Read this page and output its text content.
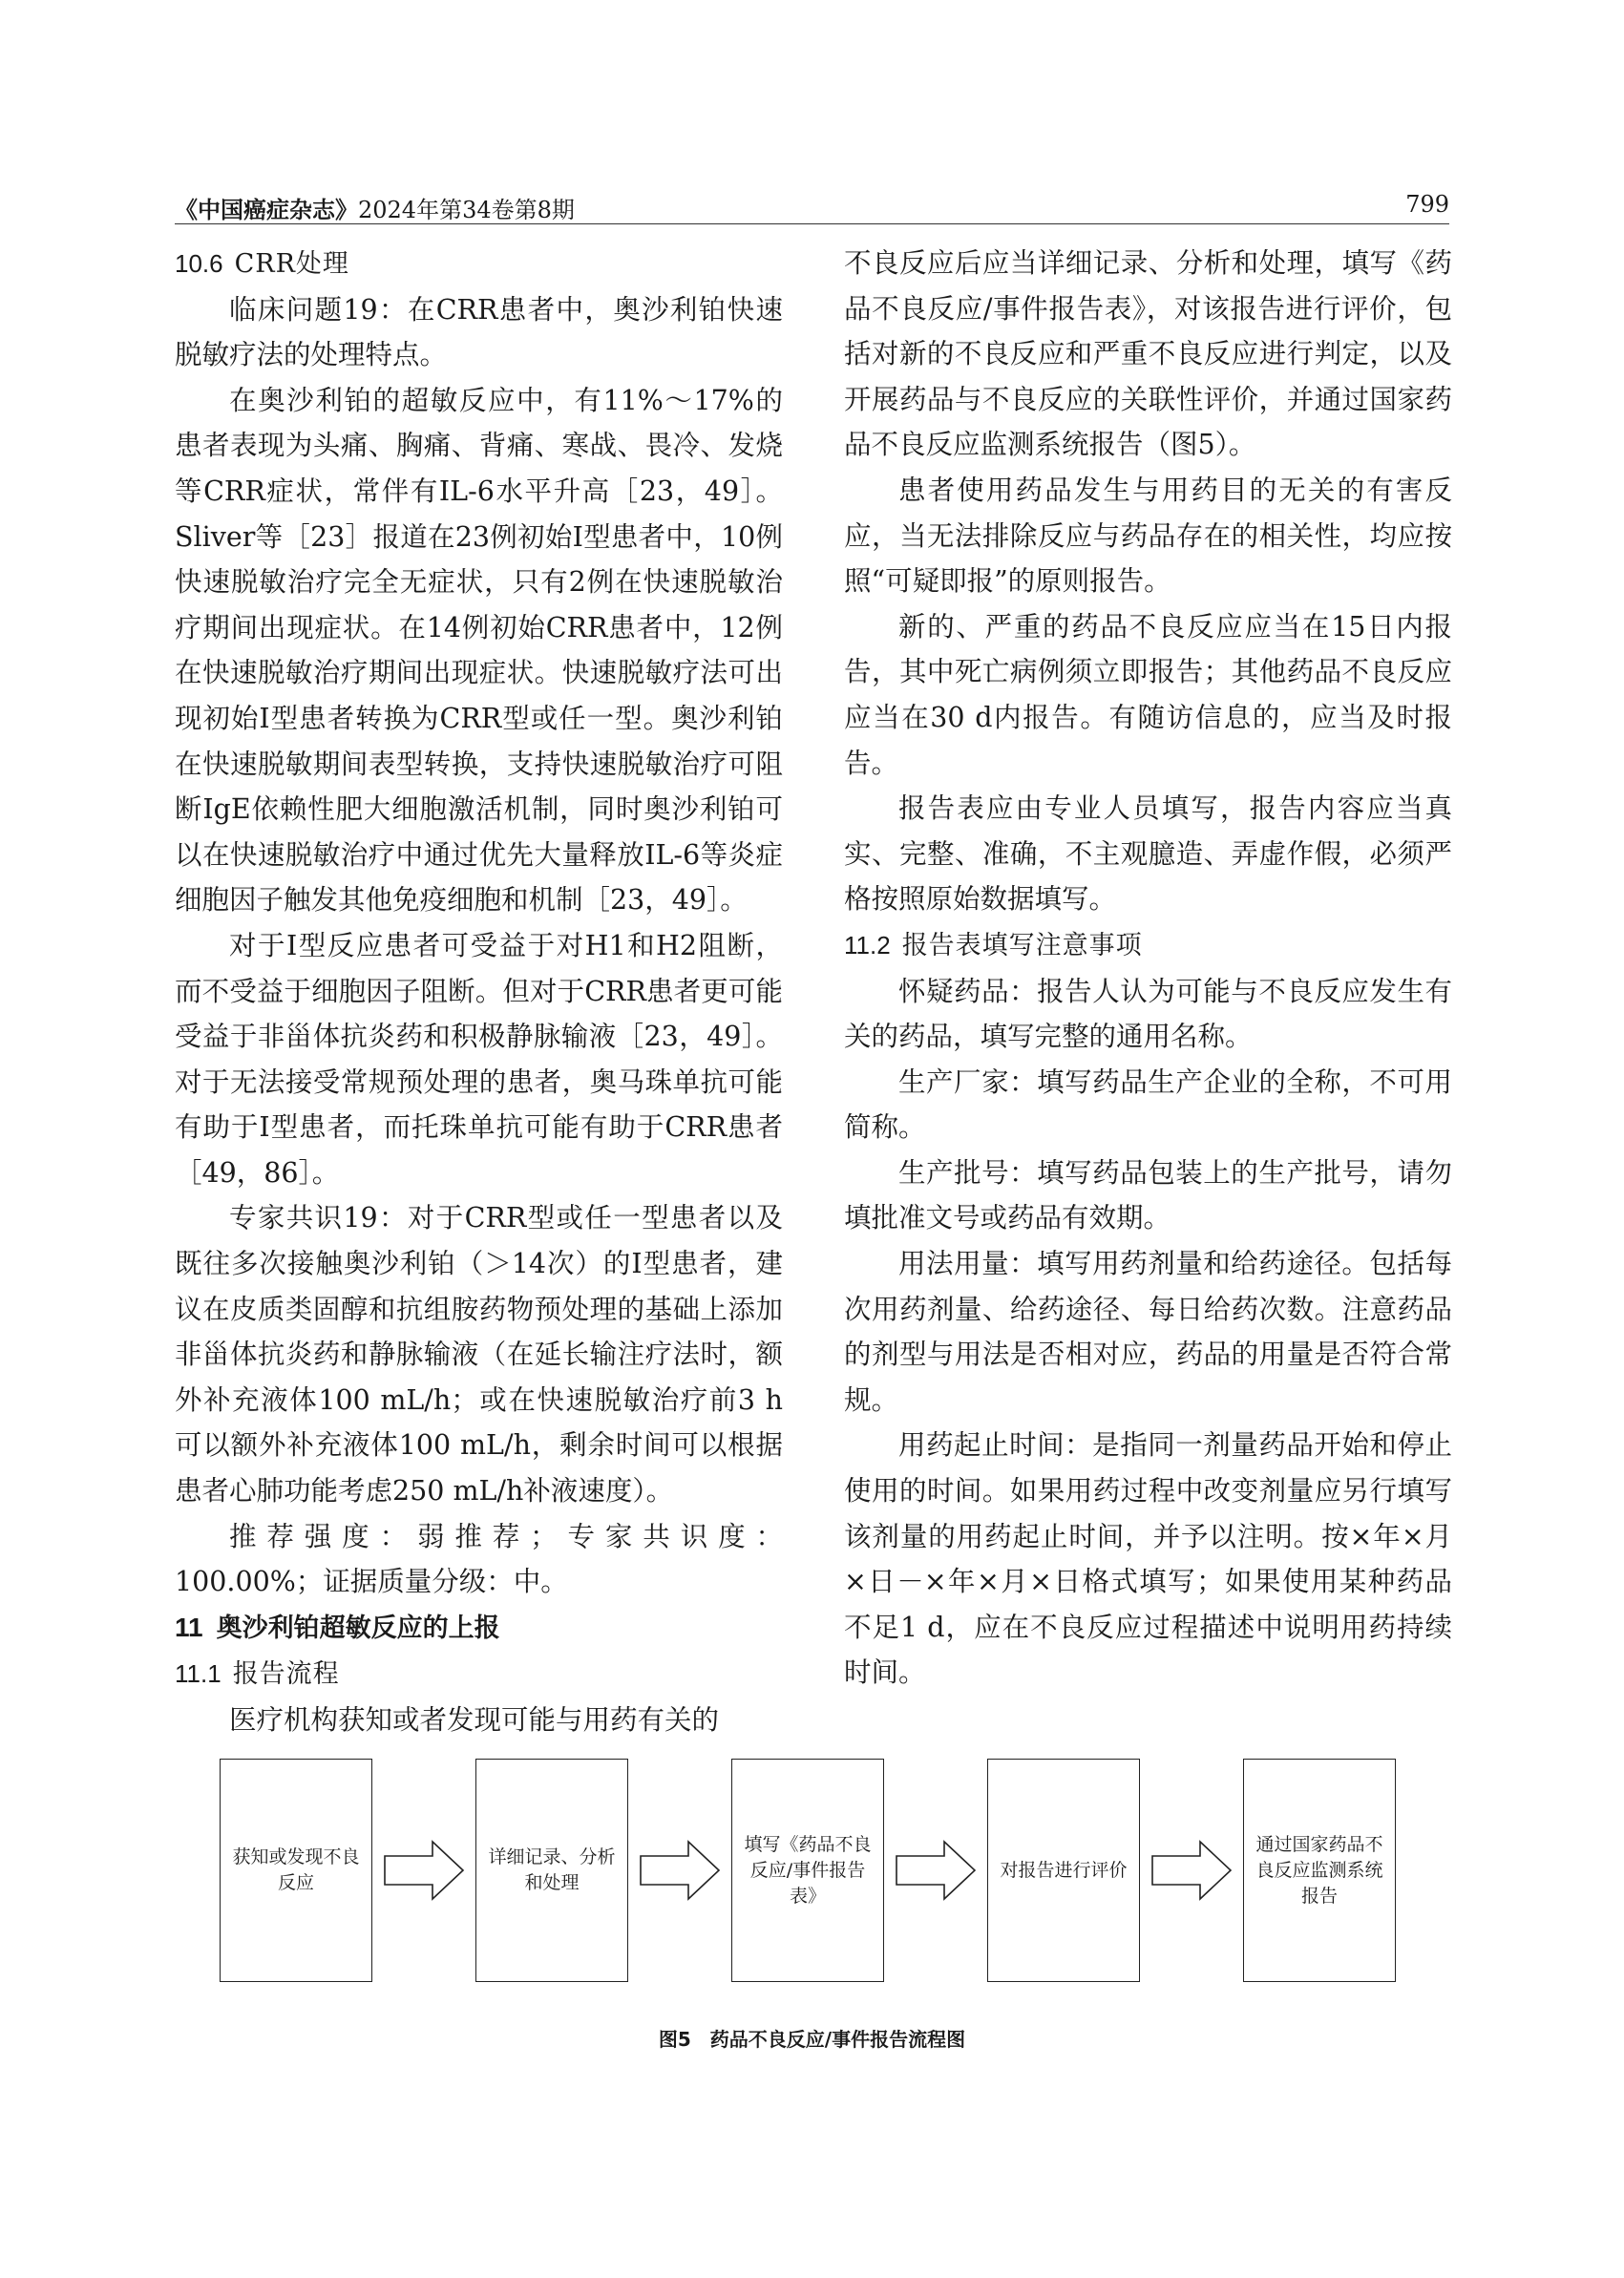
《中国癌症杂志》2024年第34卷第8期	799
10.6 CRR处理

临床问题19：在CRR患者中，奥沙利铂快速脱敏疗法的处理特点。

在奥沙利铂的超敏反应中，有11%～17%的患者表现为头痛、胸痛、背痛、寒战、畏冷、发烧等CRR症状，常伴有IL-6水平升高［23，49］。Sliver等［23］报道在23例初始Ⅰ型患者中，10例快速脱敏治疗完全无症状，只有2例在快速脱敏治疗期间出现症状。在14例初始CRR患者中，12例在快速脱敏治疗期间出现症状。快速脱敏疗法可出现初始Ⅰ型患者转换为CRR型或任一型。奥沙利铂在快速脱敏期间表型转换，支持快速脱敏治疗可阻断IgE依赖性肥大细胞激活机制，同时奥沙利铂可以在快速脱敏治疗中通过优先大量释放IL-6等炎症细胞因子触发其他免疫细胞和机制［23，49］。

对于Ⅰ型反应患者可受益于对H1和H2阻断，而不受益于细胞因子阻断。但对于CRR患者更可能受益于非甾体抗炎药和积极静脉输液［23，49］。对于无法接受常规预处理的患者，奥马珠单抗可能有助于Ⅰ型患者，而托珠单抗可能有助于CRR患者［49，86］。

专家共识19：对于CRR型或任一型患者以及既往多次接触奥沙利铂（＞14次）的Ⅰ型患者，建议在皮质类固醇和抗组胺药物预处理的基础上添加非甾体抗炎药和静脉输液（在延长输注疗法时，额外补充液体100 mL/h；或在快速脱敏治疗前3 h可以额外补充液体100 mL/h，剩余时间可以根据患者心肺功能考虑250 mL/h补液速度）。

推荐强度：弱推荐；专家共识度：100.00%；证据质量分级：中。

11 奥沙利铂超敏反应的上报
11.1 报告流程

医疗机构获知或者发现可能与用药有关的

不良反应后应当详细记录、分析和处理，填写《药品不良反应/事件报告表》，对该报告进行评价，包括对新的不良反应和严重不良反应进行判定，以及开展药品与不良反应的关联性评价，并通过国家药品不良反应监测系统报告（图5）。

患者使用药品发生与用药目的无关的有害反应，当无法排除反应与药品存在的相关性，均应按照“可疑即报”的原则报告。

新的、严重的药品不良反应应当在15日内报告，其中死亡病例须立即报告；其他药品不良反应应当在30 d内报告。有随访信息的，应当及时报告。

报告表应由专业人员填写，报告内容应当真实、完整、准确，不主观臆造、弄虚作假，必须严格按照原始数据填写。

11.2 报告表填写注意事项

怀疑药品：报告人认为可能与不良反应发生有关的药品，填写完整的通用名称。

生产厂家：填写药品生产企业的全称，不可用简称。

生产批号：填写药品包装上的生产批号，请勿填批准文号或药品有效期。

用法用量：填写用药剂量和给药途径。包括每次用药剂量、给药途径、每日给药次数。注意药品的剂型与用法是否相对应，药品的用量是否符合常规。

用药起止时间：是指同一剂量药品开始和停止使用的时间。如果用药过程中改变剂量应另行填写该剂量的用药起止时间，并予以注明。按×年×月×日－×年×月×日格式填写；如果使用某种药品不足1 d，应在不良反应过程描述中说明用药持续时间。

获知或发现不良反应
详细记录、分析和处理
填写《药品不良反应/事件报告表》
对报告进行评价
通过国家药品不良反应监测系统报告
图5　药品不良反应/事件报告流程图
